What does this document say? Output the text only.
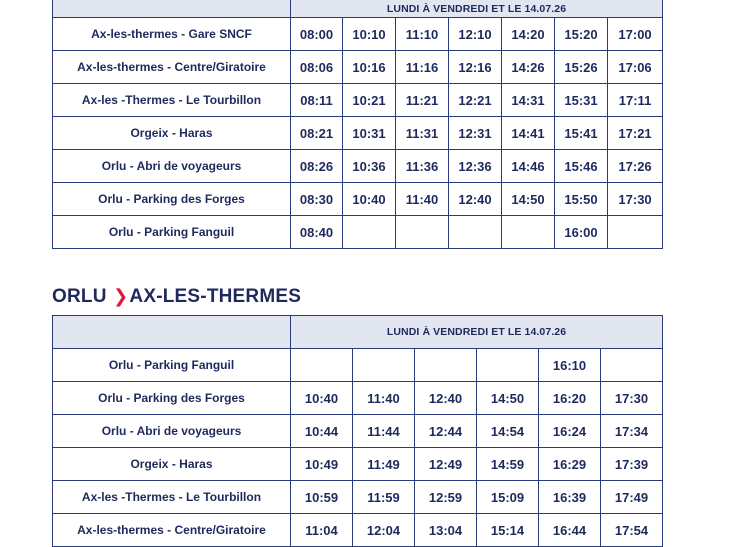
	LUNDI À VENDREDI ET LE 14.07.26						
Ax-les-thermes - Gare SNCF	08:00	10:10	11:10	12:10	14:20	15:20	17:00
Ax-les-thermes - Centre/Giratoire	08:06	10:16	11:16	12:16	14:26	15:26	17:06
Ax-les -Thermes - Le Tourbillon	08:11	10:21	11:21	12:21	14:31	15:31	17:11
Orgeix - Haras	08:21	10:31	11:31	12:31	14:41	15:41	17:21
Orlu - Abri de voyageurs	08:26	10:36	11:36	12:36	14:46	15:46	17:26
Orlu - Parking des Forges	08:30	10:40	11:40	12:40	14:50	15:50	17:30
Orlu - Parking Fanguil	08:40					16:00	
ORLU ❯AX-LES-THERMES
	LUNDI À VENDREDI ET LE 14.07.26					
Orlu - Parking Fanguil					16:10	
Orlu - Parking des Forges	10:40	11:40	12:40	14:50	16:20	17:30
Orlu - Abri de voyageurs	10:44	11:44	12:44	14:54	16:24	17:34
Orgeix - Haras	10:49	11:49	12:49	14:59	16:29	17:39
Ax-les -Thermes - Le Tourbillon	10:59	11:59	12:59	15:09	16:39	17:49
Ax-les-thermes - Centre/Giratoire	11:04	12:04	13:04	15:14	16:44	17:54
